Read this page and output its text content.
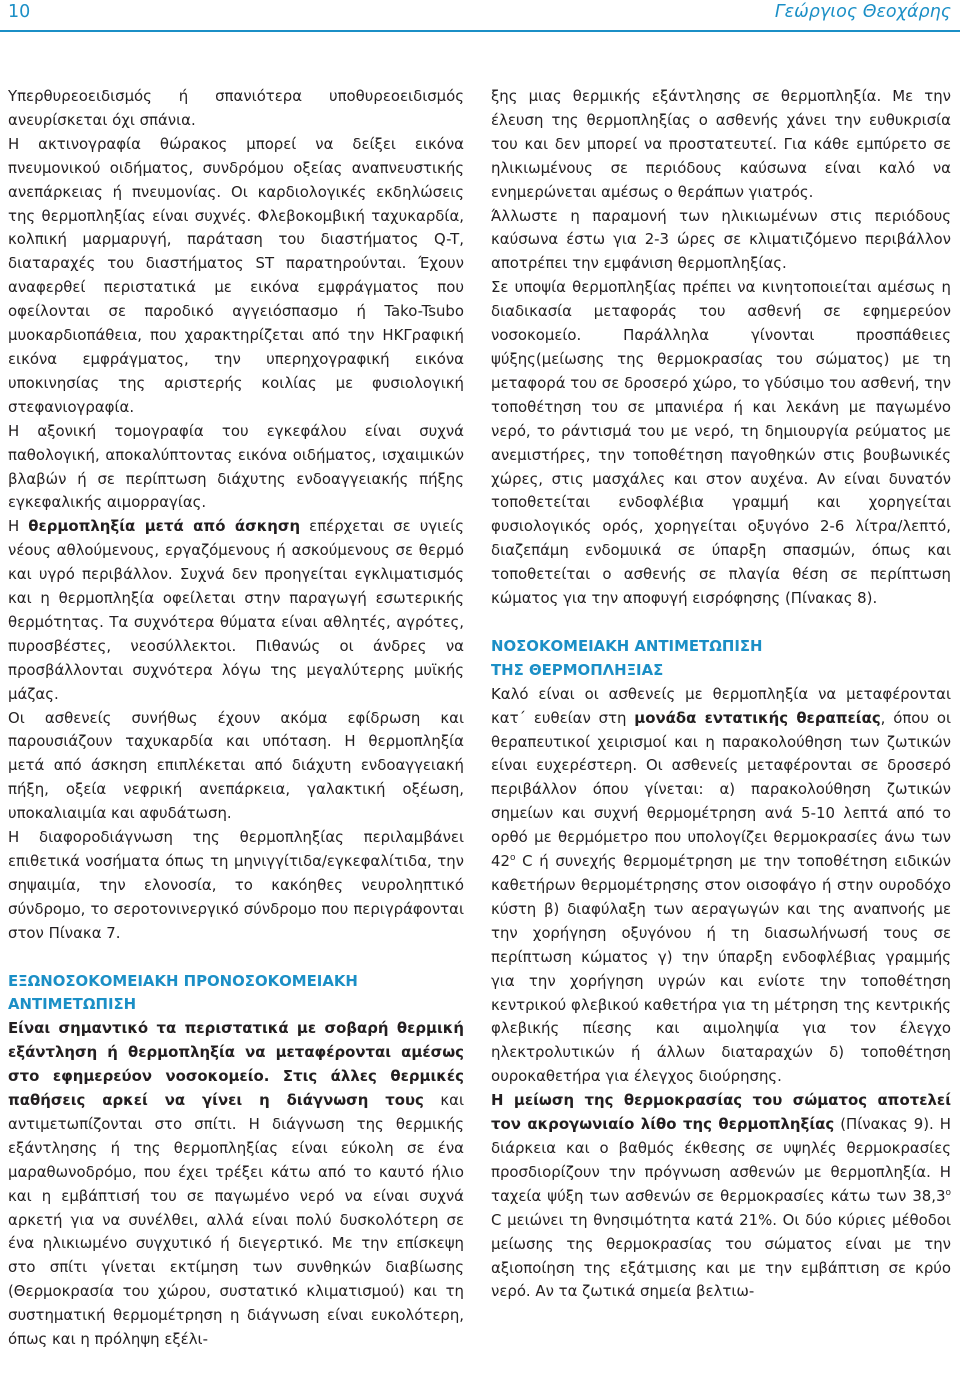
10	Γεώργιος Θεοχάρης

Υπερθυρεοειδισμός ή σπανιότερα υποθυρεοειδισμός ανευρίσκεται όχι σπάνια.

Η ακτινογραφία θώρακος μπορεί να δείξει εικόνα πνευμονικού οιδήματος, συνδρόμου οξείας αναπνευστικής ανεπάρκειας ή πνευμονίας. Οι καρδιολογικές εκδηλώσεις της θερμοπληξίας είναι συχνές. Φλεβοκομβική ταχυκαρδία, κολπική μαρμαρυγή, παράταση του διαστήματος Q-T, διαταραχές του διαστήματος ST παρατηρούνται. Έχουν αναφερθεί περιστατικά με εικόνα εμφράγματος που οφείλονται σε παροδικό αγγειόσπασμο ή Tako-Tsubo μυοκαρδιοπάθεια, που χαρακτηρίζεται από την ΗΚΓραφική εικόνα εμφράγματος, την υπερηχογραφική εικόνα υποκινησίας της αριστερής κοιλίας με φυσιολογική στεφανιογραφία.

Η αξονική τομογραφία του εγκεφάλου είναι συχνά παθολογική, αποκαλύπτοντας εικόνα οιδήματος, ισχαιμικών βλαβών ή σε περίπτωση διάχυτης ενδοαγγειακής πήξης εγκεφαλικής αιμορραγίας.

Η θερμοπληξία μετά από άσκηση επέρχεται σε υγιείς νέους αθλούμενους, εργαζόμενους ή ασκούμενους σε θερμό και υγρό περιβάλλον. Συχνά δεν προηγείται εγκλιματισμός και η θερμοπληξία οφείλεται στην παραγωγή εσωτερικής θερμότητας. Τα συχνότερα θύματα είναι αθλητές, αγρότες, πυροσβέστες, νεοσύλλεκτοι. Πιθανώς οι άνδρες να προσβάλλονται συχνότερα λόγω της μεγαλύτερης μυϊκής μάζας.

Οι ασθενείς συνήθως έχουν ακόμα εφίδρωση και παρουσιάζουν ταχυκαρδία και υπόταση. Η θερμοπληξία μετά από άσκηση επιπλέκεται από διάχυτη ενδοαγγειακή πήξη, οξεία νεφρική ανεπάρκεια, γαλακτική οξέωση, υποκαλιαιμία και αφυδάτωση.

Η διαφοροδιάγνωση της θερμοπληξίας περιλαμβάνει επιθετικά νοσήματα όπως τη μηνιγγίτιδα/εγκεφαλίτιδα, την σηψαιμία, την ελονοσία, το κακόηθες νευροληπτικό σύνδρομο, το σεροτονινεργικό σύνδρομο που περιγράφονται στον Πίνακα 7.

ΕΞΩΝΟΣΟΚΟΜΕΙΑΚΗ ΠΡΟΝΟΣΟΚΟΜΕΙΑΚΗ
ΑΝΤΙΜΕΤΩΠΙΣΗ

Είναι σημαντικό τα περιστατικά με σοβαρή θερμική εξάντληση ή θερμοπληξία να μεταφέρονται αμέσως στο εφημερεύον νοσοκομείο. Στις άλλες θερμικές παθήσεις αρκεί να γίνει η διάγνωση τους και αντιμετωπίζονται στο σπίτι. Η διάγνωση της θερμικής εξάντλησης ή της θερμοπληξίας είναι εύκολη σε ένα μαραθωνοδρόμο, που έχει τρέξει κάτω από το καυτό ήλιο και η εμβάπτισή του σε παγωμένο νερό να είναι συχνά αρκετή για να συνέλθει, αλλά είναι πολύ δυσκολότερη σε ένα ηλικιωμένο συγχυτικό ή διεγερτικό. Με την επίσκεψη στο σπίτι γίνεται εκτίμηση των συνθηκών διαβίωσης (Θερμοκρασία του χώρου, συστατικό κλιματισμού) και τη συστηματική θερμομέτρηση η διάγνωση είναι ευκολότερη, όπως και η πρόληψη εξέλι-

ξης μιας θερμικής εξάντλησης σε θερμοπληξία. Με την έλευση της θερμοπληξίας ο ασθενής χάνει την ευθυκρισία του και δεν μπορεί να προστατευτεί. Για κάθε εμπύρετο σε ηλικιωμένους σε περιόδους καύσωνα είναι καλό να ενημερώνεται αμέσως ο θεράπων γιατρός.

Άλλωστε η παραμονή των ηλικιωμένων στις περιόδους καύσωνα έστω για 2-3 ώρες σε κλιματιζόμενο περιβάλλον αποτρέπει την εμφάνιση θερμοπληξίας.

Σε υποψία θερμοπληξίας πρέπει να κινητοποιείται αμέσως η διαδικασία μεταφοράς του ασθενή σε εφημερεύον νοσοκομείο. Παράλληλα γίνονται προσπάθειες ψύξης(μείωσης της θερμοκρασίας του σώματος) με τη μεταφορά του σε δροσερό χώρο, το γδύσιμο του ασθενή, την τοποθέτηση του σε μπανιέρα ή και λεκάνη με παγωμένο νερό, το ράντισμά του με νερό, τη δημιουργία ρεύματος με ανεμιστήρες, την τοποθέτηση παγοθηκών στις βουβωνικές χώρες, στις μασχάλες και στον αυχένα. Αν είναι δυνατόν τοποθετείται ενδοφλέβια γραμμή και χορηγείται φυσιολογικός ορός, χορηγείται οξυγόνο 2-6 λίτρα/λεπτό, διαζεπάμη ενδομυικά σε ύπαρξη σπασμών, όπως και τοποθετείται ο ασθενής σε πλαγία θέση σε περίπτωση κώματος για την αποφυγή εισρόφησης (Πίνακας 8).

ΝΟΣΟΚΟΜΕΙΑΚΗ ΑΝΤΙΜΕΤΩΠΙΣΗ
ΤΗΣ ΘΕΡΜΟΠΛΗΞΙΑΣ

Καλό είναι οι ασθενείς με θερμοπληξία να μεταφέρονται κατ΄ ευθείαν στη μονάδα εντατικής θεραπείας, όπου οι θεραπευτικοί χειρισμοί και η παρακολούθηση των ζωτικών είναι ευχερέστερη. Οι ασθενείς μεταφέρονται σε δροσερό περιβάλλον όπου γίνεται: α) παρακολούθηση ζωτικών σημείων και συχνή θερμομέτρηση ανά 5-10 λεπτά από το ορθό με θερμόμετρο που υπολογίζει θερμοκρασίες άνω των $42^o$ C ή συνεχής θερμομέτρηση με την τοποθέτηση ειδικών καθετήρων θερμομέτρησης στον οισοφάγο ή στην ουροδόχο κύστη β) διαφύλαξη των αεραγωγών και της αναπνοής με την χορήγηση οξυγόνου ή τη διασωλήνωσή τους σε περίπτωση κώματος γ) την ύπαρξη ενδοφλέβιας γραμμής για την χορήγηση υγρών και ενίοτε την τοποθέτηση κεντρικού φλεβικού καθετήρα για τη μέτρηση της κεντρικής φλεβικής πίεσης και αιμοληψία για τον έλεγχο ηλεκτρολυτικών ή άλλων διαταραχών δ) τοποθέτηση ουροκαθετήρα για έλεγχος διούρησης.

Η μείωση της θερμοκρασίας του σώματος αποτελεί τον ακρογωνιαίο λίθο της θερμοπληξίας (Πίνακας 9). Η διάρκεια και ο βαθμός έκθεσης σε υψηλές θερμοκρασίες προσδιορίζουν την πρόγνωση ασθενών με θερμοπληξία. Η ταχεία ψύξη των ασθενών σε θερμοκρασίες κάτω των $38,3^o$ C μειώνει τη θνησιμότητα κατά 21%. Οι δύο κύριες μέθοδοι μείωσης της θερμοκρασίας του σώματος είναι με την αξιοποίηση της εξάτμισης και με την εμβάπτιση σε κρύο νερό. Αν τα ζωτικά σημεία βελτιω-
